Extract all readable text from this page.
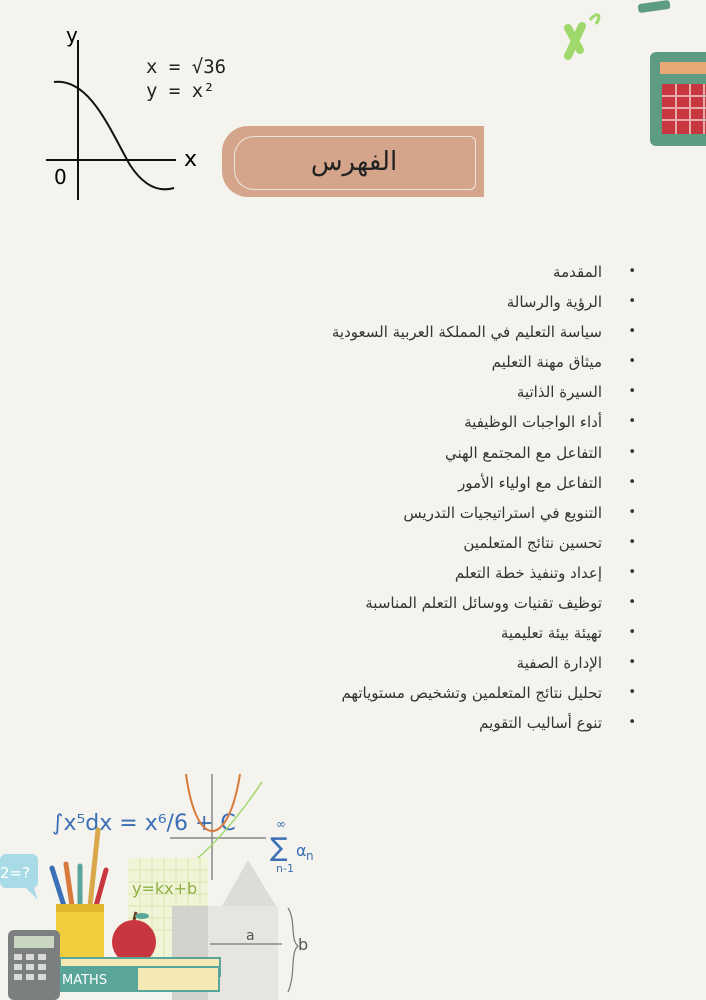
y
x
0
x = √36
y = x²
الفهرس
• المقدمة
• الرؤية والرسالة
• سياسة التعليم في المملكة العربية السعودية
• ميثاق مهنة التعليم
• السيرة الذاتية
• أداء الواجبات الوظيفية
• التفاعل مع المجتمع الهني
• التفاعل مع اولياء الأمور
• التنويع في استراتيجيات التدريس
• تحسين نتائج المتعلمين
• إعداد وتنفيذ خطة التعلم
• توظيف تقنيات ووسائل التعلم المناسبة
• تهيئة بيئة تعليمية
• الإدارة الصفية
• تحليل نتائج المتعلمين وتشخيص مستوياتهم
• تنوع أساليب التقويم
∫x⁵dx = x⁶/6 + C
∑ α n
∞
n-1
y=kx+b
a	b
2=?
MATHS
